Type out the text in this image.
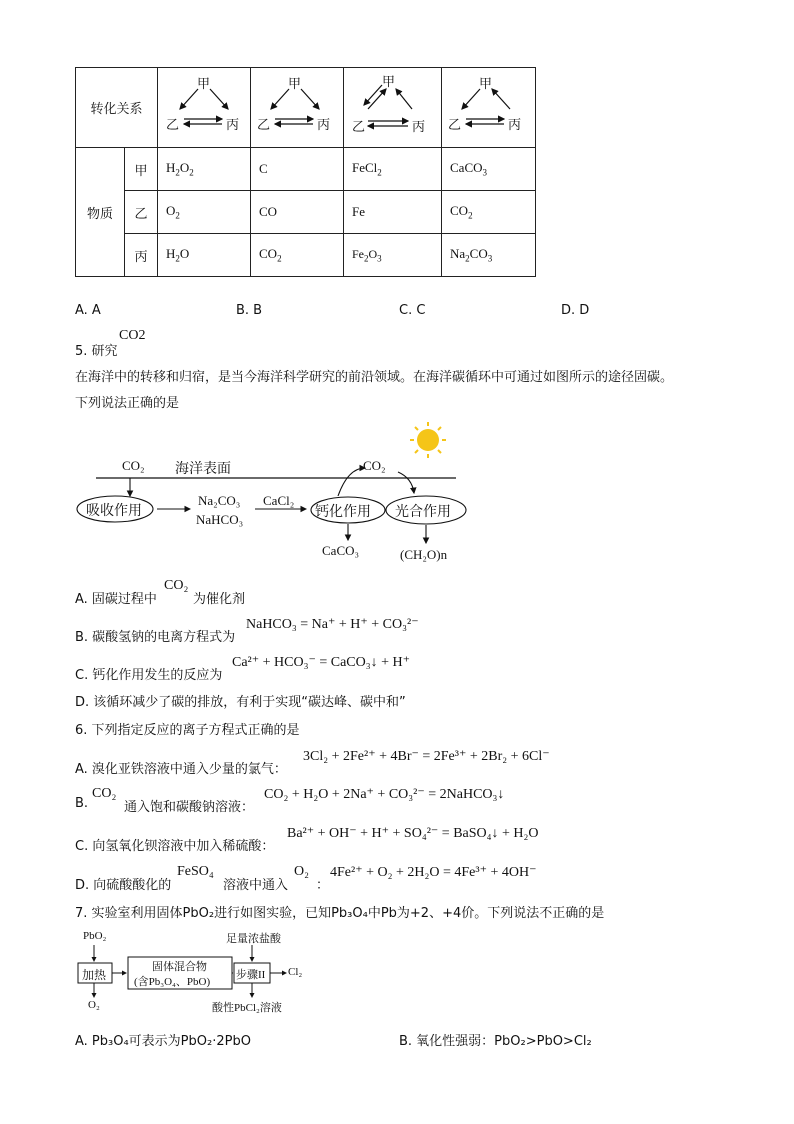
转化关系		甲
乙 丙	甲
乙 丙	甲
乙 丙	甲
乙 丙

物质	甲	$H_2O_2$	C	FeCl$_2$	CaCO$_3$
	乙	$O_2$	CO	Fe	$CO_2$
	丙	$H_2O$	$CO_2$	$Fe_2O_3$	$Na_2CO_3$
A. A	B. B	C. C	D. D
5. 研究
CO2
在海洋中的转移和归宿，是当今海洋科学研究的前沿领域。在海洋碳循环中可通过如图所示的途径固碳。
下列说法正确的是
CO₂ 海洋表面	CO₂
吸收作用
Na₂CO₃
NaHCO₃
CaCl₂
钙化作用 光合作用
CaCO₃	(CH₂O)n
A. 固碳过程中
CO₂
为催化剂
B. 碳酸氢钠的电离方程式为
NaHCO₃ = Na⁺ + H⁺ + CO₃²⁻
C. 钙化作用发生的反应为
Ca²⁺ + HCO₃⁻ = CaCO₃↓ + H⁺
D. 该循环减少了碳的排放，有利于实现“碳达峰、碳中和”
6. 下列指定反应的离子方程式正确的是
A. 溴化亚铁溶液中通入少量的氯气：
3Cl₂ + 2Fe²⁺ + 4Br⁻ = 2Fe³⁺ + 2Br₂ + 6Cl⁻
B.
CO₂
通入饱和碳酸钠溶液：
CO₂ + H₂O + 2Na⁺ + CO₃²⁻ = 2NaHCO₃↓
C. 向氢氧化钡溶液中加入稀硫酸：
Ba²⁺ + OH⁻ + H⁺ + SO₄²⁻ = BaSO₄↓ + H₂O
D. 向硫酸酸化的
FeSO₄
溶液中通入
O₂
：
4Fe²⁺ + O₂ + 2H₂O = 4Fe³⁺ + 4OH⁻
7. 实验室利用固体PbO₂进行如图实验，已知Pb₃O₄中Pb为+2、+4价。下列说法不正确的是
PbO₂
加热
O₂
固体混合物
(含Pb₃O₄、PbO)
足量浓盐酸
步骤II Cl₂
酸性PbCl₂溶液
A. Pb₃O₄可表示为PbO₂·2PbO	B. 氧化性强弱：PbO₂>PbO>Cl₂
